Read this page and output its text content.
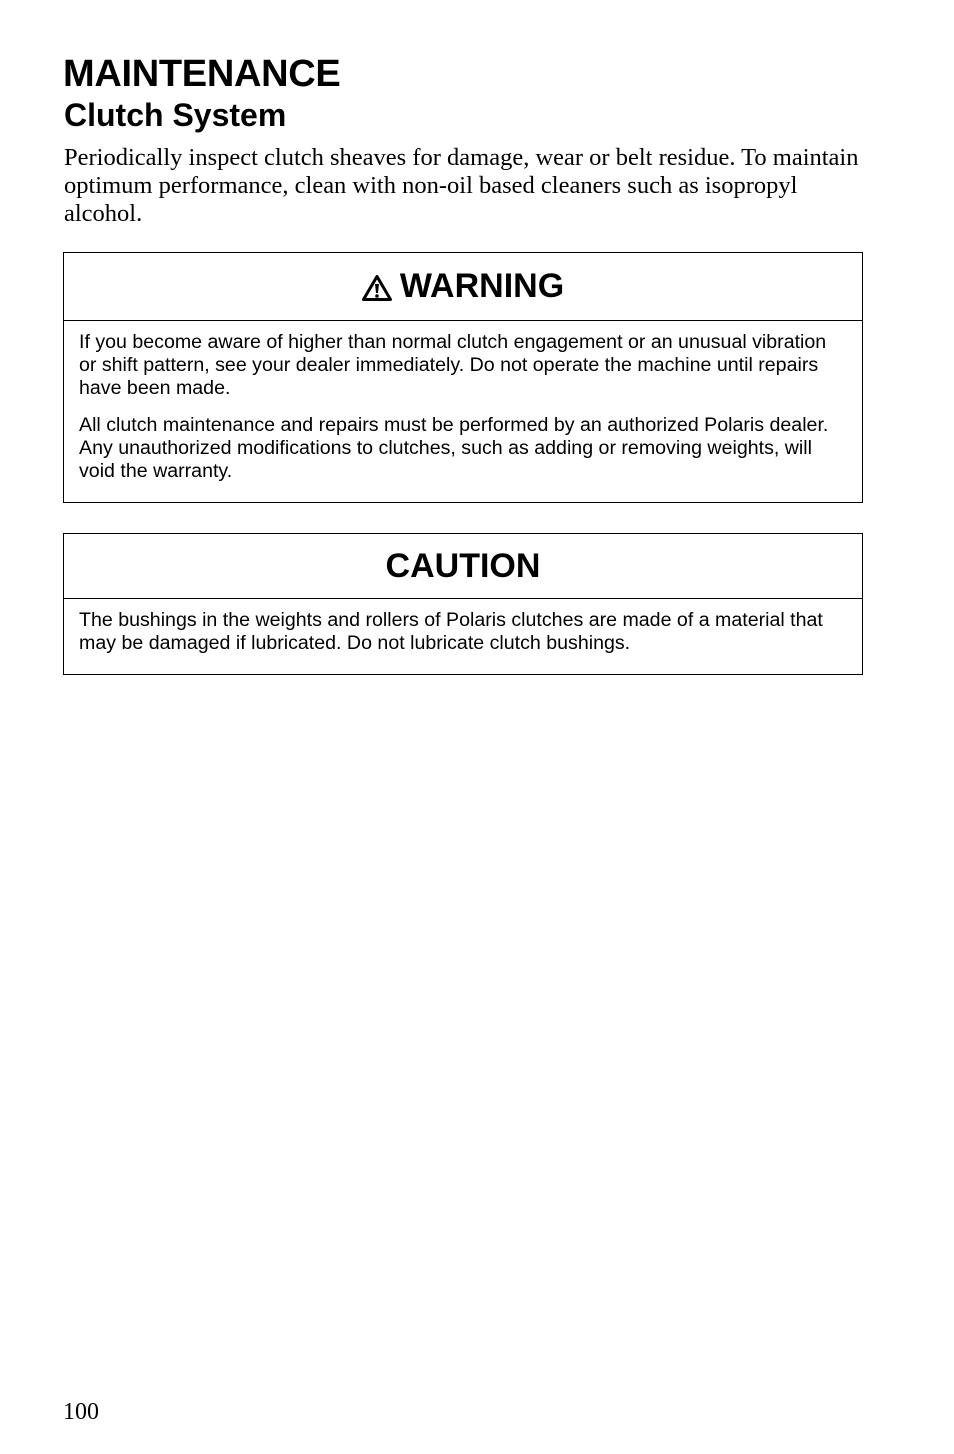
MAINTENANCE
Clutch System

Periodically inspect clutch sheaves for damage, wear or belt residue. To maintain optimum performance, clean with non-oil based cleaners such as isopropyl alcohol.

WARNING

If you become aware of higher than normal clutch engagement or an unusual vibration or shift pattern, see your dealer immediately. Do not operate the machine until repairs have been made.

All clutch maintenance and repairs must be performed by an authorized Polaris dealer. Any unauthorized modifications to clutches, such as adding or removing weights, will void the warranty.

CAUTION

The bushings in the weights and rollers of Polaris clutches are made of a material that may be damaged if lubricated. Do not lubricate clutch bushings.

100
